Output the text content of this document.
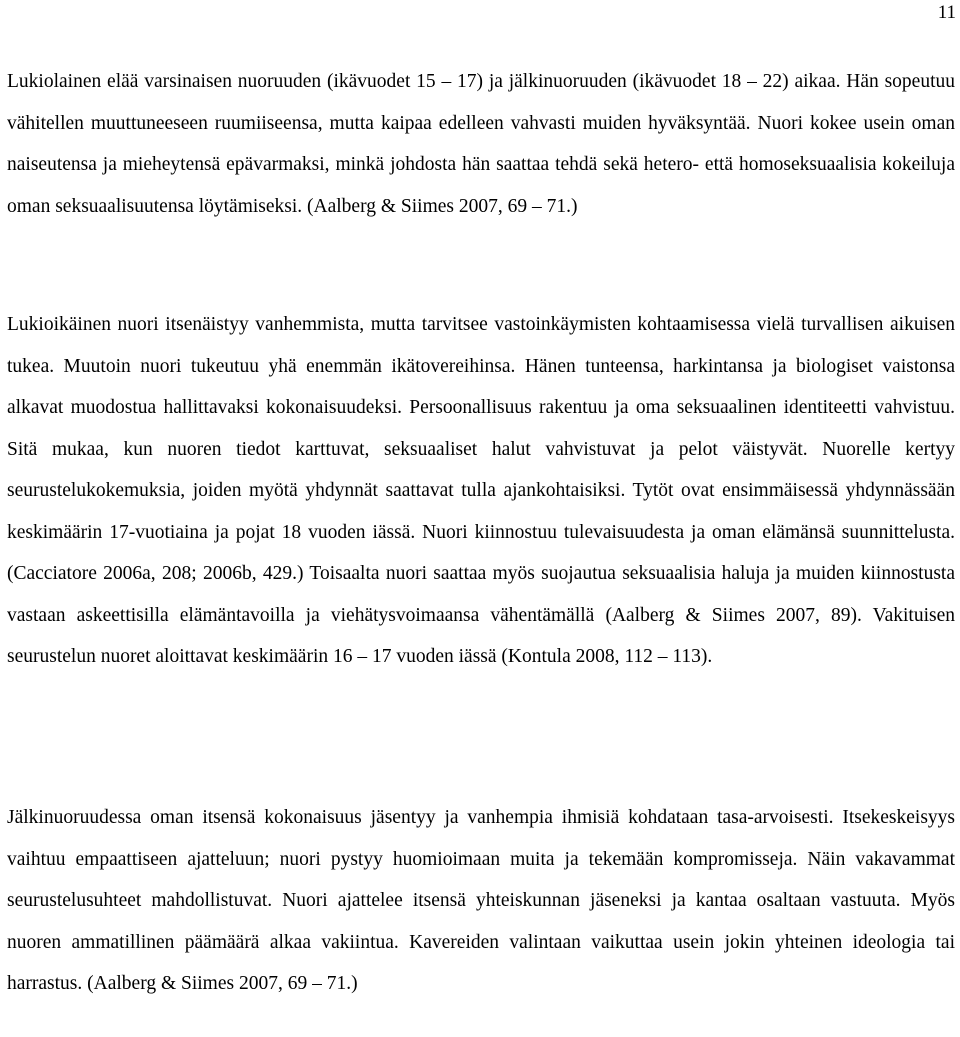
11

Lukiolainen elää varsinaisen nuoruuden (ikävuodet 15 – 17) ja jälkinuoruuden (ikävuodet 18 – 22) aikaa. Hän sopeutuu vähitellen muuttuneeseen ruumiiseensa, mutta kaipaa edelleen vahvasti muiden hyväksyntää. Nuori kokee usein oman naiseutensa ja mieheytensä epävarmaksi, minkä johdosta hän saattaa tehdä sekä hetero- että homoseksuaalisia kokeiluja oman seksuaalisuutensa löytämiseksi. (Aalberg & Siimes 2007, 69 – 71.)

Lukioikäinen nuori itsenäistyy vanhemmista, mutta tarvitsee vastoinkäymisten kohtaamisessa vielä turvallisen aikuisen tukea. Muutoin nuori tukeutuu yhä enemmän ikätovereihinsa. Hänen tunteensa, harkintansa ja biologiset vaistonsa alkavat muodostua hallittavaksi kokonaisuudeksi. Persoonallisuus rakentuu ja oma seksuaalinen identiteetti vahvistuu. Sitä mukaa, kun nuoren tiedot karttuvat, seksuaaliset halut vahvistuvat ja pelot väistyvät. Nuorelle kertyy seurustelukokemuksia, joiden myötä yhdynnät saattavat tulla ajankohtaisiksi. Tytöt ovat ensimmäisessä yhdynnässään keskimäärin 17-vuotiaina ja pojat 18 vuoden iässä. Nuori kiinnostuu tulevaisuudesta ja oman elämänsä suunnittelusta. (Cacciatore 2006a, 208; 2006b, 429.) Toisaalta nuori saattaa myös suojautua seksuaalisia haluja ja muiden kiinnostusta vastaan askeettisilla elämäntavoilla ja viehätysvoimaansa vähentämällä (Aalberg & Siimes 2007, 89). Vakituisen seurustelun nuoret aloittavat keskimäärin 16 – 17 vuoden iässä (Kontula 2008, 112 – 113).

Jälkinuoruudessa oman itsensä kokonaisuus jäsentyy ja vanhempia ihmisiä kohdataan tasa-arvoisesti. Itsekeskeisyys vaihtuu empaattiseen ajatteluun; nuori pystyy huomioimaan muita ja tekemään kompromisseja. Näin vakavammat seurustelusuhteet mahdollistuvat. Nuori ajattelee itsensä yhteiskunnan jäseneksi ja kantaa osaltaan vastuuta. Myös nuoren ammatillinen päämäärä alkaa vakiintua. Kavereiden valintaan vaikuttaa usein jokin yhteinen ideologia tai harrastus. (Aalberg & Siimes 2007, 69 – 71.)
